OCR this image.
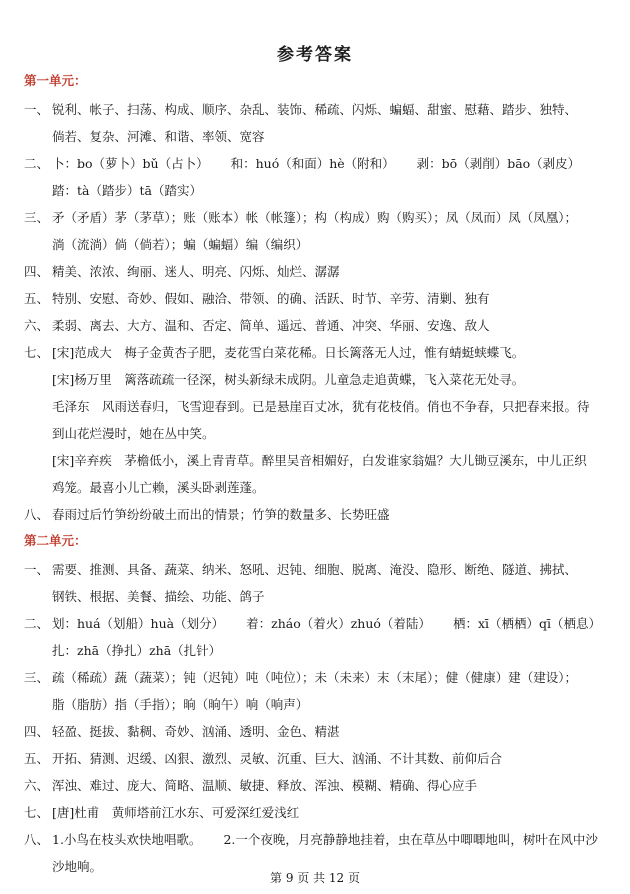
参考答案
第一单元：

一、 锐利、帐子、扫荡、构成、顺序、杂乱、装饰、稀疏、闪烁、蝙蝠、甜蜜、慰藉、踏步、独特、

倘若、复杂、河滩、和谐、率领、宽容

二、 卜：bo（萝卜）bǔ（占卜） 和：huó（和面）hè（附和） 剥：bō（剥削）bāo（剥皮）

踏：tà（踏步）tā（踏实）

三、 矛（矛盾）茅（茅草）；账（账本）帐（帐篷）；构（构成）购（购买）；凤（凤而）凤（凤凰）；

淌（流淌）倘（倘若）；蝙（蝙蝠）编（编织）

四、 精美、浓浓、绚丽、迷人、明亮、闪烁、灿烂、潺潺

五、 特别、安慰、奇妙、假如、融洽、带领、的确、活跃、时节、辛劳、清剿、独有

六、 柔弱、离去、大方、温和、否定、简单、遥远、普通、冲突、华丽、安逸、敌人

七、 [宋]范成大　梅子金黄杏子肥，麦花雪白菜花稀。日长篱落无人过，惟有蜻蜓蛱蝶飞。

[宋]杨万里　篱落疏疏一径深，树头新绿未成阴。儿童急走追黄蝶，飞入菜花无处寻。

毛泽东　风雨送春归，飞雪迎春到。已是悬崖百丈冰，犹有花枝俏。俏也不争春，只把春来报。待

到山花烂漫时，她在丛中笑。

[宋]辛弃疾　茅檐低小，溪上青青草。醉里吴音相媚好，白发谁家翁媪？大儿锄豆溪东，中儿正织

鸡笼。最喜小儿亡赖，溪头卧剥莲蓬。

八、 春雨过后竹笋纷纷破土而出的情景；竹笋的数量多、长势旺盛

第二单元：

一、 需要、推测、具备、蔬菜、纳米、怒吼、迟钝、细胞、脱离、淹没、隐形、断绝、隧道、拂拭、

钢铁、根据、美餐、描绘、功能、鸽子

二、 划：huá（划船）huà（划分） 着：zháo（着火）zhuó（着陆） 栖：xī（栖栖）qī（栖息）

扎：zhā（挣扎）zhā（扎针）

三、 疏（稀疏）蔬（蔬菜）；钝（迟钝）吨（吨位）；未（未来）末（末尾）；健（健康）建（建设）；

脂（脂肪）指（手指）；晌（晌午）响（响声）

四、 轻盈、挺拔、黏稠、奇妙、汹涌、透明、金色、精湛

五、 开拓、猜测、迟缓、凶狠、激烈、灵敏、沉重、巨大、汹涌、不计其数、前仰后合

六、 浑浊、难过、庞大、简略、温顺、敏捷、释放、浑浊、模糊、精确、得心应手

七、 [唐]杜甫　黄师塔前江水东、可爱深红爱浅红

八、 1.小鸟在枝头欢快地唱歌。 2.一个夜晚，月亮静静地挂着，虫在草丛中唧唧地叫，树叶在风中沙

沙地响。

第 9 页 共 12 页
